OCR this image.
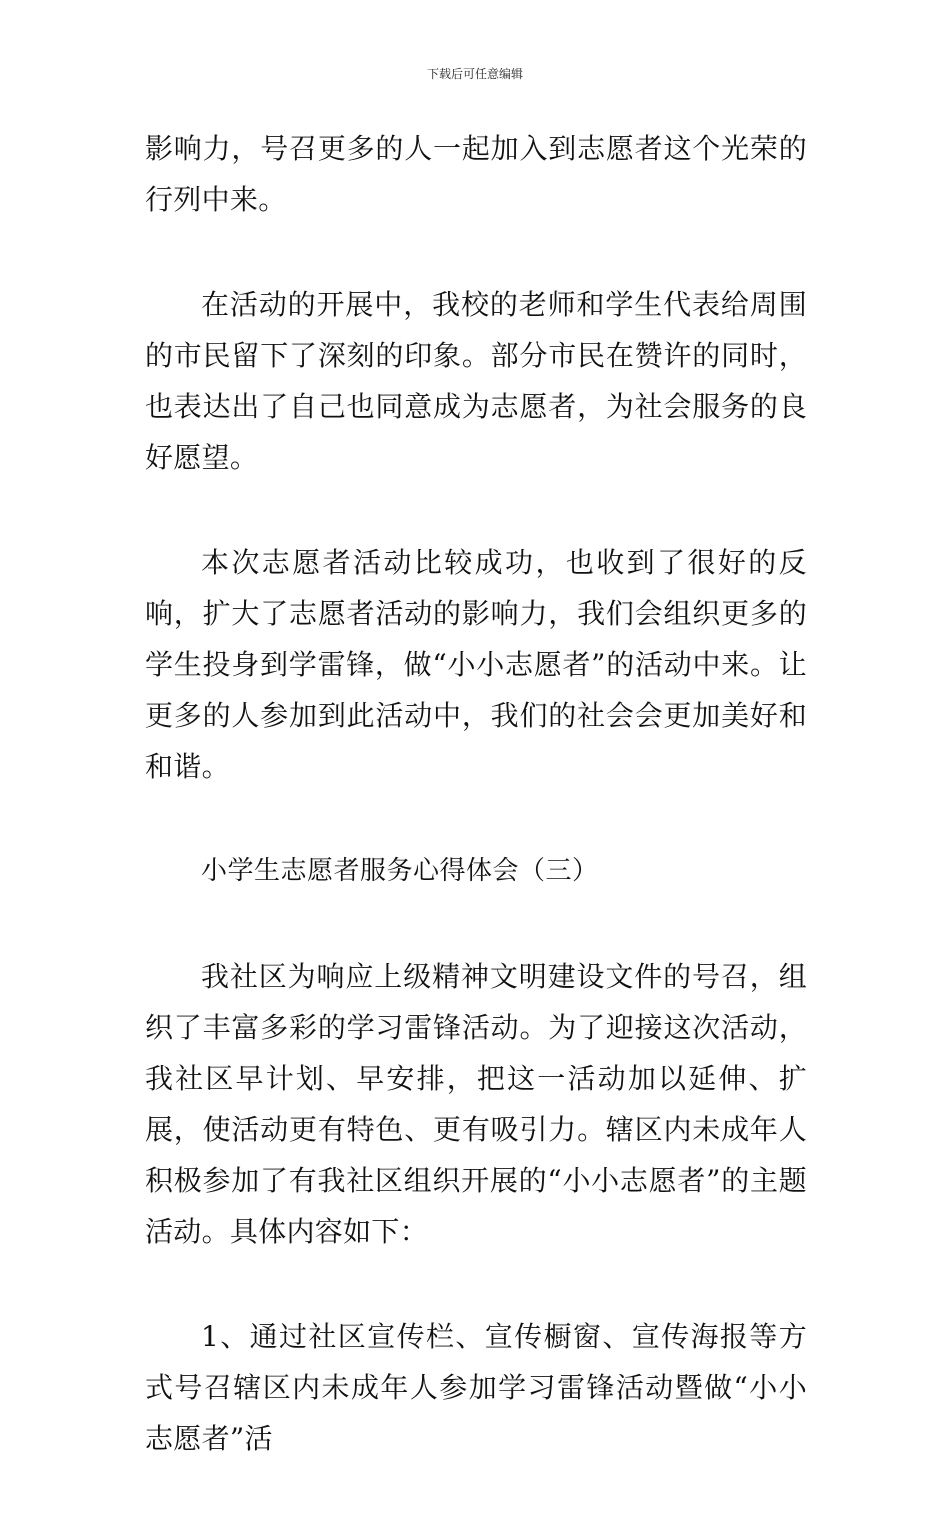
下载后可任意编辑

影响力，号召更多的人一起加入到志愿者这个光荣的行列中来。

在活动的开展中，我校的老师和学生代表给周围的市民留下了深刻的印象。部分市民在赞许的同时，也表达出了自己也同意成为志愿者，为社会服务的良好愿望。

本次志愿者活动比较成功，也收到了很好的反响，扩大了志愿者活动的影响力，我们会组织更多的学生投身到学雷锋，做“小小志愿者”的活动中来。让更多的人参加到此活动中，我们的社会会更加美好和和谐。

小学生志愿者服务心得体会（三）

我社区为响应上级精神文明建设文件的号召，组织了丰富多彩的学习雷锋活动。为了迎接这次活动，我社区早计划、早安排，把这一活动加以延伸、扩展，使活动更有特色、更有吸引力。辖区内未成年人积极参加了有我社区组织开展的“小小志愿者”的主题活动。具体内容如下：

1、通过社区宣传栏、宣传橱窗、宣传海报等方式号召辖区内未成年人参加学习雷锋活动暨做“小小志愿者”活
